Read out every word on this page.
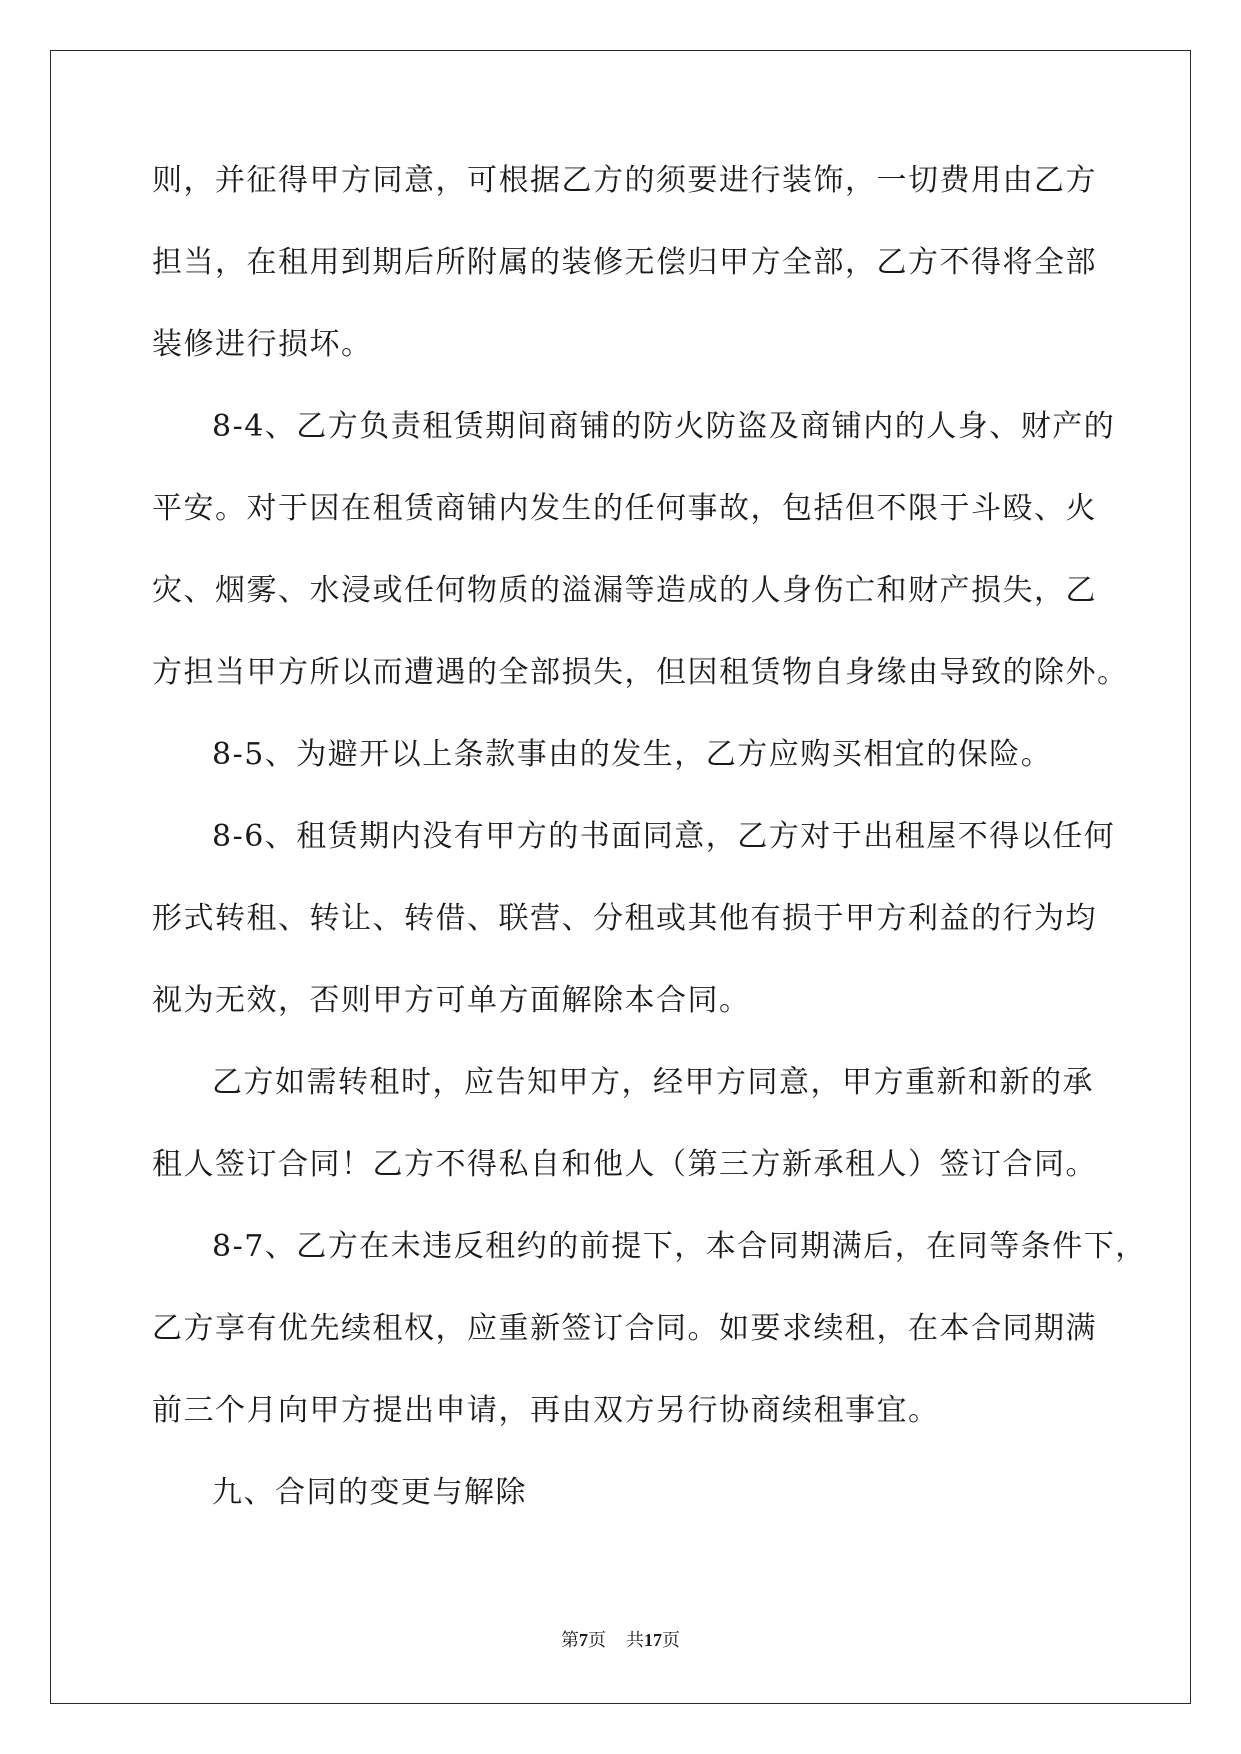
则，并征得甲方同意，可根据乙方的须要进行装饰，一切费用由乙方
担当，在租用到期后所附属的装修无偿归甲方全部，乙方不得将全部
装修进行损坏。
8-4、乙方负责租赁期间商铺的防火防盗及商铺内的人身、财产的
平安。对于因在租赁商铺内发生的任何事故，包括但不限于斗殴、火
灾、烟雾、水浸或任何物质的溢漏等造成的人身伤亡和财产损失，乙
方担当甲方所以而遭遇的全部损失，但因租赁物自身缘由导致的除外。
8-5、为避开以上条款事由的发生，乙方应购买相宜的保险。
8-6、租赁期内没有甲方的书面同意，乙方对于出租屋不得以任何
形式转租、转让、转借、联营、分租或其他有损于甲方利益的行为均
视为无效，否则甲方可单方面解除本合同。
乙方如需转租时，应告知甲方，经甲方同意，甲方重新和新的承
租人签订合同！乙方不得私自和他人（第三方新承租人）签订合同。
8-7、乙方在未违反租约的前提下，本合同期满后，在同等条件下，
乙方享有优先续租权，应重新签订合同。如要求续租，在本合同期满
前三个月向甲方提出申请，再由双方另行协商续租事宜。
九、合同的变更与解除
第7页 共17页
